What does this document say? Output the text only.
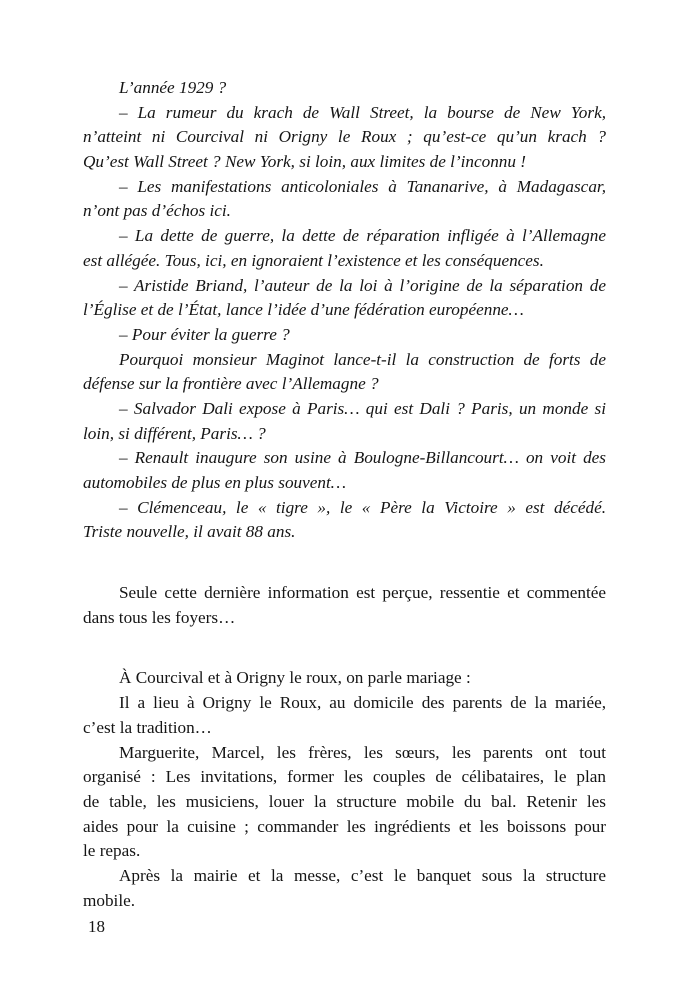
L’année 1929 ?
– La rumeur du krach de Wall Street, la bourse de New York,
n’atteint ni Courcival ni Origny le Roux ; qu’est-ce qu’un krach ?
Qu’est Wall Street ? New York, si loin, aux limites de l’inconnu !
– Les manifestations anticoloniales à Tananarive, à Madagascar,
n’ont pas d’échos ici.
– La dette de guerre, la dette de réparation infligée à l’Allemagne
est allégée. Tous, ici, en ignoraient l’existence et les conséquences.
– Aristide Briand, l’auteur de la loi à l’origine de la séparation de
l’Église et de l’État, lance l’idée d’une fédération européenne…
– Pour éviter la guerre ?
Pourquoi monsieur Maginot lance-t-il la construction de forts de
défense sur la frontière avec l’Allemagne ?
– Salvador Dali expose à Paris… qui est Dali ? Paris, un monde si
loin, si différent, Paris… ?
– Renault inaugure son usine à Boulogne-Billancourt… on voit des
automobiles de plus en plus souvent…
– Clémenceau, le « tigre », le « Père la Victoire » est décédé.
Triste nouvelle, il avait 88 ans.
Seule cette dernière information est perçue, ressentie et commentée
dans tous les foyers…
À Courcival et à Origny le roux, on parle mariage :
Il a lieu à Origny le Roux, au domicile des parents de la mariée,
c’est la tradition…
Marguerite, Marcel, les frères, les sœurs, les parents ont tout
organisé : Les invitations, former les couples de célibataires, le plan
de table, les musiciens, louer la structure mobile du bal. Retenir les
aides pour la cuisine ; commander les ingrédients et les boissons pour
le repas.
Après la mairie et la messe, c’est le banquet sous la structure
mobile.
18
